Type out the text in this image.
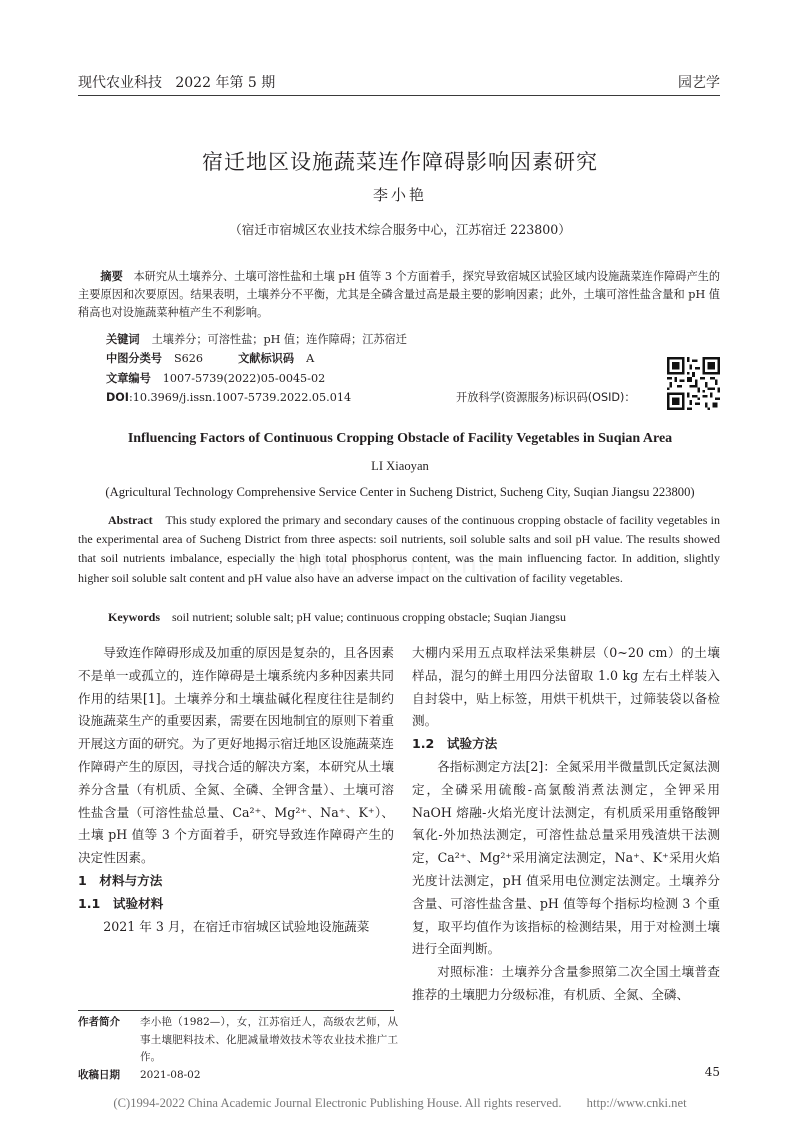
现代农业科技 2022 年第 5 期	园艺学
宿迁地区设施蔬菜连作障碍影响因素研究
李小艳
（宿迁市宿城区农业技术综合服务中心，江苏宿迁 223800）
摘要 本研究从土壤养分、土壤可溶性盐和土壤 pH 值等 3 个方面着手，探究导致宿城区试验区域内设施蔬菜连作障碍产生的主要原因和次要原因。结果表明，土壤养分不平衡，尤其是全磷含量过高是最主要的影响因素；此外，土壤可溶性盐含量和 pH 值稍高也对设施蔬菜种植产生不利影响。
关键词 土壤养分；可溶性盐；pH 值；连作障碍；江苏宿迁
中图分类号 S626	文献标识码 A
文章编号 1007-5739(2022)05-0045-02
DOI:10.3969/j.issn.1007-5739.2022.05.014	开放科学(资源服务)标识码(OSID)：
Influencing Factors of Continuous Cropping Obstacle of Facility Vegetables in Suqian Area
LI Xiaoyan
(Agricultural Technology Comprehensive Service Center in Sucheng District, Sucheng City, Suqian Jiangsu 223800)
Abstract This study explored the primary and secondary causes of the continuous cropping obstacle of facility vegetables in the experimental area of Sucheng District from three aspects: soil nutrients, soil soluble salts and soil pH value. The results showed that soil nutrients imbalance, especially the high total phosphorus content, was the main influencing factor. In addition, slightly higher soil soluble salt content and pH value also have an adverse impact on the cultivation of facility vegetables.
Keywords soil nutrient; soluble salt; pH value; continuous cropping obstacle; Suqian Jiangsu

导致连作障碍形成及加重的原因是复杂的，且各因素不是单一或孤立的，连作障碍是土壤系统内多种因素共同作用的结果[1]。土壤养分和土壤盐碱化程度往往是制约设施蔬菜生产的重要因素，需要在因地制宜的原则下着重开展这方面的研究。为了更好地揭示宿迁地区设施蔬菜连作障碍产生的原因，寻找合适的解决方案，本研究从土壤养分含量（有机质、全氮、全磷、全钾含量）、土壤可溶性盐含量（可溶性盐总量、Ca²⁺、Mg²⁺、Na⁺、K⁺）、土壤 pH 值等 3 个方面着手，研究导致连作障碍产生的决定性因素。

1　材料与方法
1.1　试验材料

2021 年 3 月，在宿迁市宿城区试验地设施蔬菜

作者简介	李小艳（1982—），女，江苏宿迁人，高级农艺师，从事土壤肥料技术、化肥减量增效技术等农业技术推广工作。
收稿日期	2021-08-02
大棚内采用五点取样法采集耕层（0~20 cm）的土壤样品，混匀的鲜土用四分法留取 1.0 kg 左右土样装入自封袋中，贴上标签，用烘干机烘干，过筛装袋以备检测。
1.2　试验方法

各指标测定方法[2]：全氮采用半微量凯氏定氮法测定，全磷采用硫酸-高氯酸消煮法测定，全钾采用 NaOH 熔融-火焰光度计法测定，有机质采用重铬酸钾氧化-外加热法测定，可溶性盐总量采用残渣烘干法测定，Ca²⁺、Mg²⁺采用滴定法测定，Na⁺、K⁺采用火焰光度计法测定，pH 值采用电位测定法测定。土壤养分含量、可溶性盐含量、pH 值等每个指标均检测 3 个重复，取平均值作为该指标的检测结果，用于对检测土壤进行全面判断。

对照标准：土壤养分含量参照第二次全国土壤普查推荐的土壤肥力分级标准，有机质、全氮、全磷、

45
(C)1994-2022 China Academic Journal Electronic Publishing House. All rights reserved.　　http://www.cnki.net
